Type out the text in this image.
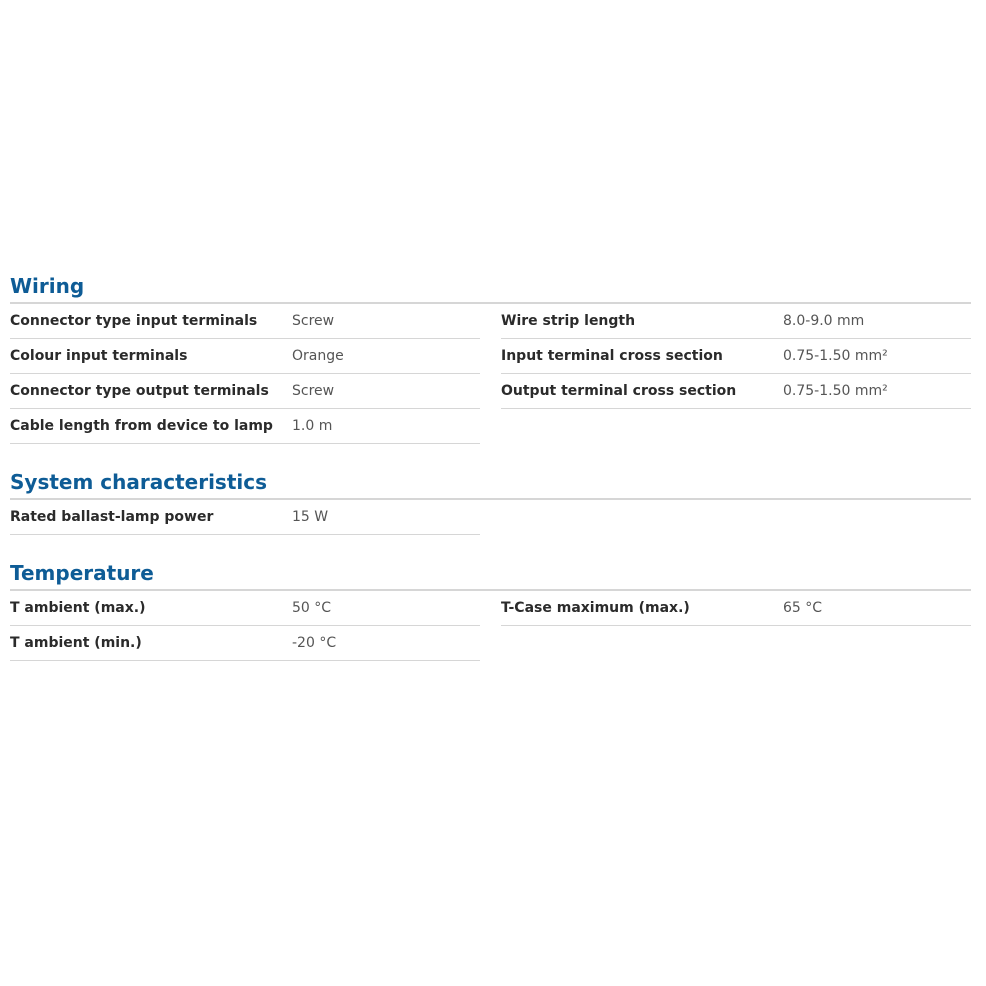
Wiring
Connector type input terminals	Screw
Colour input terminals	Orange
Connector type output terminals	Screw
Cable length from device to lamp	1.0 m
Wire strip length	8.0-9.0 mm
Input terminal cross section	0.75-1.50 mm²
Output terminal cross section	0.75-1.50 mm²
System characteristics
Rated ballast-lamp power	15 W
Temperature
T ambient (max.)	50 °C
T ambient (min.)	-20 °C
T-Case maximum (max.)	65 °C
